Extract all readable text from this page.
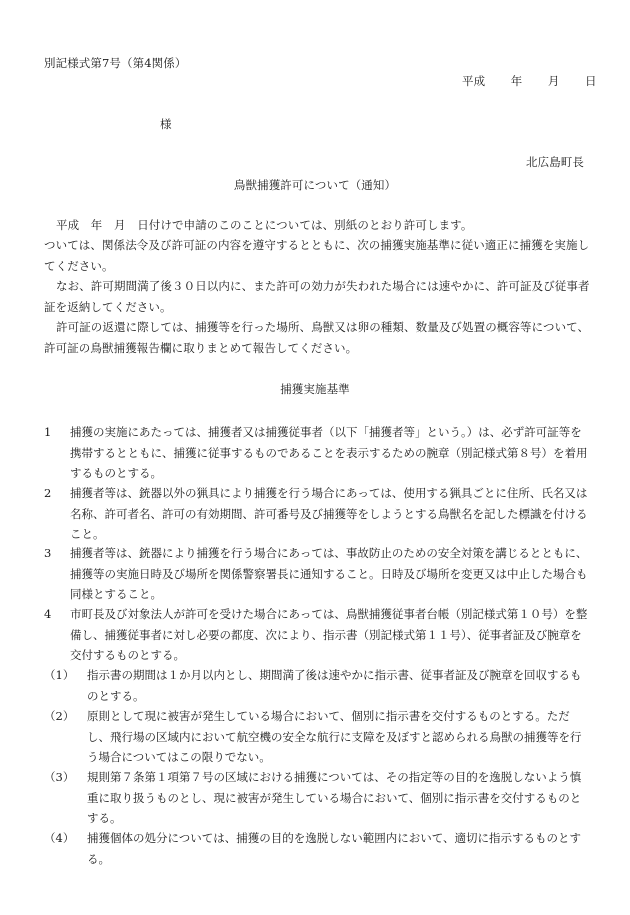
別記様式第7号（第4関係）
平成 年 月 日
様
北広島町長
鳥獣捕獲許可について（通知）
平成　年　月　日付けで申請のこのことについては、別紙のとおり許可します。
ついては、関係法令及び許可証の内容を遵守するとともに、次の捕獲実施基準に従い適正に捕獲を実施してください。
なお、許可期間満了後３０日以内に、また許可の効力が失われた場合には速やかに、許可証及び従事者証を返納してください。
許可証の返還に際しては、捕獲等を行った場所、鳥獣又は卵の種類、数量及び処置の概容等について、許可証の鳥獣捕獲報告欄に取りまとめて報告してください。
捕獲実施基準
1 捕獲の実施にあたっては、捕獲者又は捕獲従事者（以下「捕獲者等」という。）は、必ず許可証等を携帯するとともに、捕獲に従事するものであることを表示するための腕章（別記様式第８号）を着用するものとする。
2 捕獲者等は、銃器以外の猟具により捕獲を行う場合にあっては、使用する猟具ごとに住所、氏名又は名称、許可者名、許可の有効期間、許可番号及び捕獲等をしようとする鳥獣名を記した標識を付けること。
3 捕獲者等は、銃器により捕獲を行う場合にあっては、事故防止のための安全対策を講じるとともに、捕獲等の実施日時及び場所を関係警察署長に通知すること。日時及び場所を変更又は中止した場合も同様とすること。
4 市町長及び対象法人が許可を受けた場合にあっては、鳥獣捕獲従事者台帳（別記様式第１０号）を整備し、捕獲従事者に対し必要の都度、次により、指示書（別記様式第１１号）、従事者証及び腕章を交付するものとする。
（1） 指示書の期間は１か月以内とし、期間満了後は速やかに指示書、従事者証及び腕章を回収するものとする。
（2） 原則として現に被害が発生している場合において、個別に指示書を交付するものとする。ただし、飛行場の区域内において航空機の安全な航行に支障を及ぼすと認められる鳥獣の捕獲等を行う場合についてはこの限りでない。
（3） 規則第７条第１項第７号の区域における捕獲については、その指定等の目的を逸脱しないよう慎重に取り扱うものとし、現に被害が発生している場合において、個別に指示書を交付するものとする。
（4） 捕獲個体の処分については、捕獲の目的を逸脱しない範囲内において、適切に指示するものとする。
